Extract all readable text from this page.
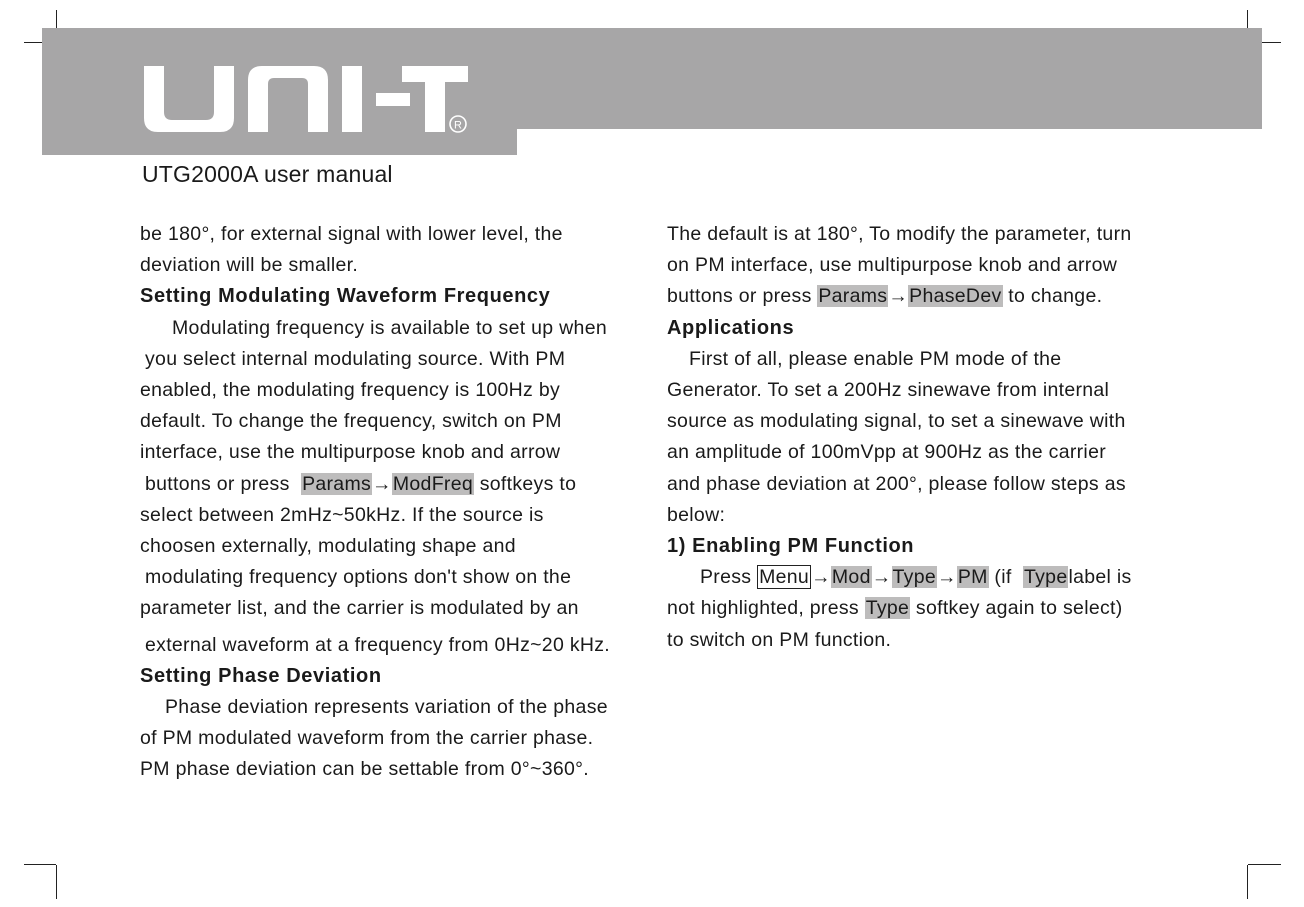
R
UTG2000A user manual

be 180°, for external signal with lower level, the

deviation will be smaller.

Setting Modulating Waveform Frequency

Modulating frequency is available to set up when

you select internal modulating source. With PM

enabled, the modulating frequency is 100Hz by

default. To change the frequency, switch on PM

interface, use the multipurpose knob and arrow

buttons or press Params→ModFreq softkeys to

select between 2mHz~50kHz. If the source is

choosen externally, modulating shape and

modulating frequency options don't show on the

parameter list, and the carrier is modulated by an

external waveform at a frequency from 0Hz~20 kHz.

Setting Phase Deviation

Phase deviation represents variation of the phase

of PM modulated waveform from the carrier phase.

PM phase deviation can be settable from 0°~360°.

The default is at 180°, To modify the parameter, turn

on PM interface, use multipurpose knob and arrow

buttons or press Params→PhaseDev to change.

Applications

First of all, please enable PM mode of the

Generator. To set a 200Hz sinewave from internal

source as modulating signal, to set a sinewave with

an amplitude of 100mVpp at 900Hz as the carrier

and phase deviation at 200°, please follow steps as

below:

1) Enabling PM Function

Press Menu →Mod→Type→PM (if Typelabel is

not highlighted, press Type softkey again to select)

to switch on PM function.
